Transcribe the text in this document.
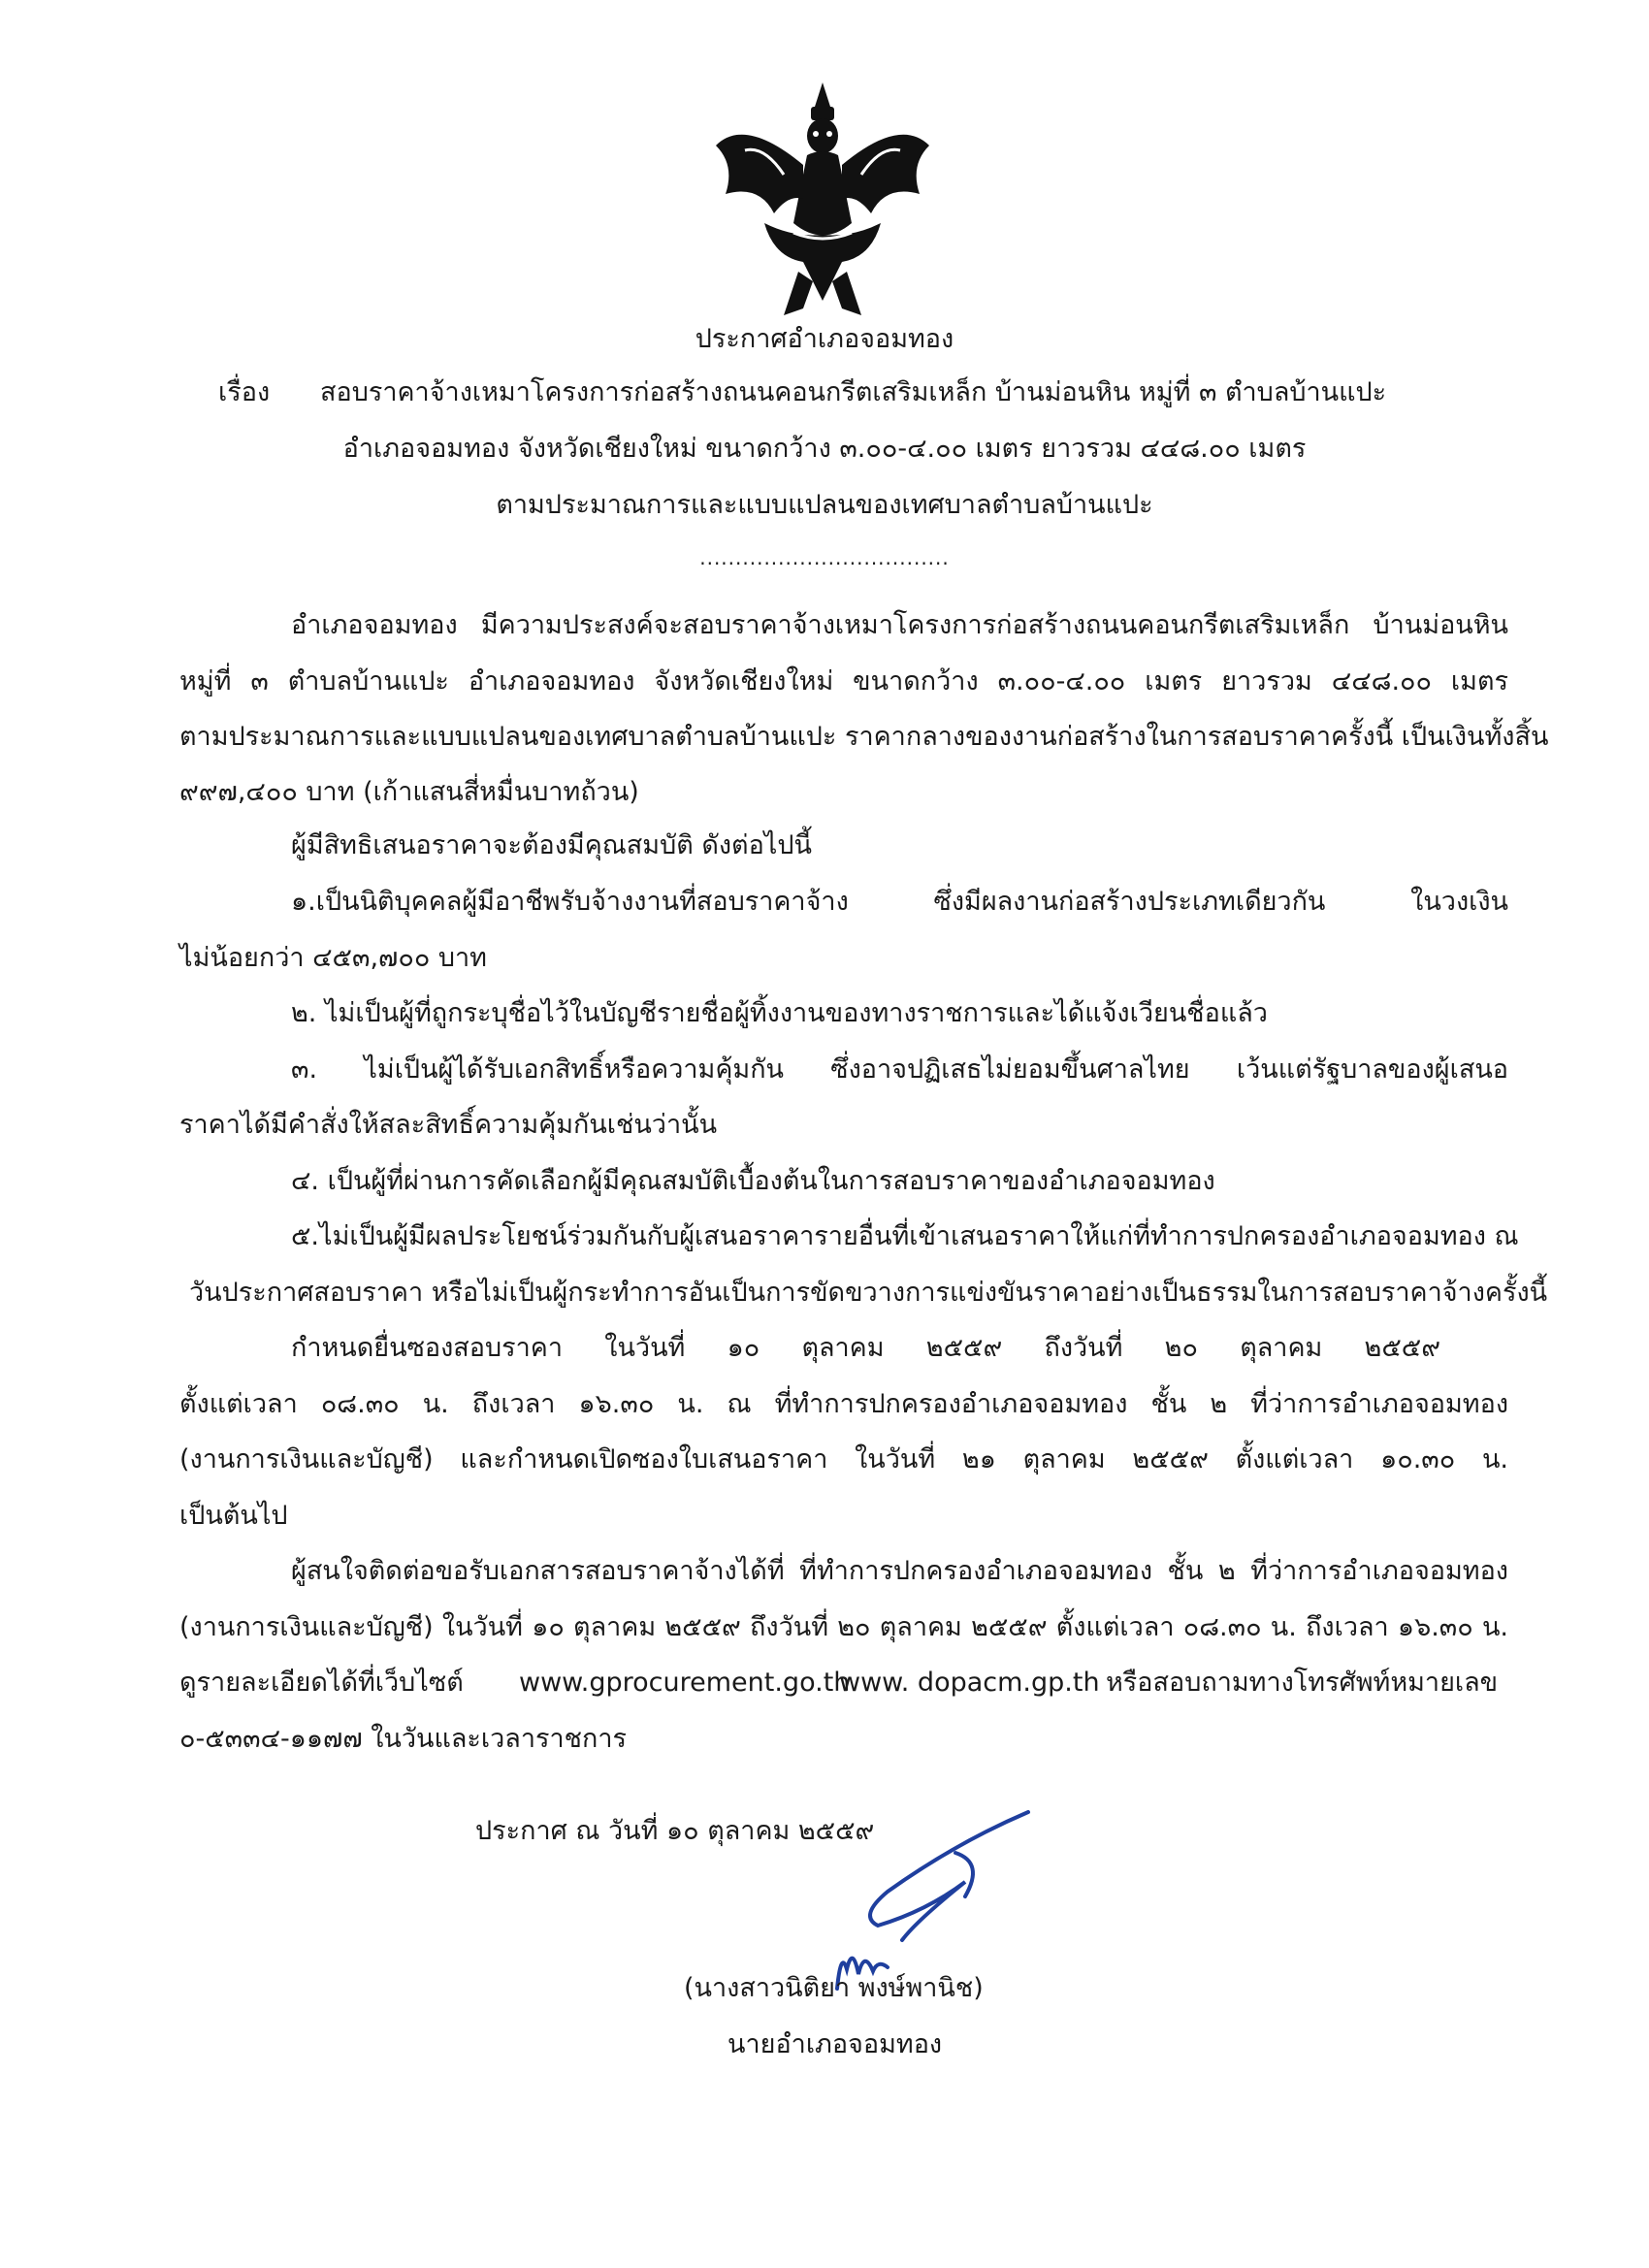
ประกาศอำเภอจอมทอง
เรื่อง สอบราคาจ้างเหมาโครงการก่อสร้างถนนคอนกรีตเสริมเหล็ก บ้านม่อนหิน หมู่ที่ ๓ ตำบลบ้านแปะ
อำเภอจอมทอง จังหวัดเชียงใหม่ ขนาดกว้าง ๓.๐๐-๔.๐๐ เมตร ยาวรวม ๔๔๘.๐๐ เมตร
ตามประมาณการและแบบแปลนของเทศบาลตำบลบ้านแปะ
...................................
อำเภอจอมทอง มีความประสงค์จะสอบราคาจ้างเหมาโครงการก่อสร้างถนนคอนกรีตเสริมเหล็ก บ้านม่อนหิน
หมู่ที่ ๓ ตำบลบ้านแปะ อำเภอจอมทอง จังหวัดเชียงใหม่ ขนาดกว้าง ๓.๐๐-๔.๐๐ เมตร ยาวรวม ๔๔๘.๐๐ เมตร
ตามประมาณการและแบบแปลนของเทศบาลตำบลบ้านแปะ ราคากลางของงานก่อสร้างในการสอบราคาครั้งนี้ เป็นเงินทั้งสิ้น
๙๙๗,๔๐๐ บาท (เก้าแสนสี่หมื่นบาทถ้วน)
ผู้มีสิทธิเสนอราคาจะต้องมีคุณสมบัติ ดังต่อไปนี้
๑.เป็นนิติบุคคลผู้มีอาชีพรับจ้างงานที่สอบราคาจ้าง ซึ่งมีผลงานก่อสร้างประเภทเดียวกัน ในวงเงิน
ไม่น้อยกว่า ๔๕๓,๗๐๐ บาท
๒. ไม่เป็นผู้ที่ถูกระบุชื่อไว้ในบัญชีรายชื่อผู้ทิ้งงานของทางราชการและได้แจ้งเวียนชื่อแล้ว
๓. ไม่เป็นผู้ได้รับเอกสิทธิ์หรือความคุ้มกัน ซึ่งอาจปฏิเสธไม่ยอมขึ้นศาลไทย เว้นแต่รัฐบาลของผู้เสนอ
ราคาได้มีคำสั่งให้สละสิทธิ์ความคุ้มกันเช่นว่านั้น
๔. เป็นผู้ที่ผ่านการคัดเลือกผู้มีคุณสมบัติเบื้องต้นในการสอบราคาของอำเภอจอมทอง
๕.ไม่เป็นผู้มีผลประโยชน์ร่วมกันกับผู้เสนอราคารายอื่นที่เข้าเสนอราคาให้แก่ที่ทำการปกครองอำเภอจอมทอง ณ
วันประกาศสอบราคา หรือไม่เป็นผู้กระทำการอันเป็นการขัดขวางการแข่งขันราคาอย่างเป็นธรรมในการสอบราคาจ้างครั้งนี้
กำหนดยื่นซองสอบราคา ในวันที่ ๑๐ ตุลาคม ๒๕๕๙ ถึงวันที่ ๒๐ ตุลาคม ๒๕๕๙
ตั้งแต่เวลา ๐๘.๓๐ น. ถึงเวลา ๑๖.๓๐ น. ณ ที่ทำการปกครองอำเภอจอมทอง ชั้น ๒ ที่ว่าการอำเภอจอมทอง
(งานการเงินและบัญชี) และกำหนดเปิดซองใบเสนอราคา ในวันที่ ๒๑ ตุลาคม ๒๕๕๙ ตั้งแต่เวลา ๑๐.๓๐ น.
เป็นต้นไป
ผู้สนใจติดต่อขอรับเอกสารสอบราคาจ้างได้ที่ ที่ทำการปกครองอำเภอจอมทอง ชั้น ๒ ที่ว่าการอำเภอจอมทอง
(งานการเงินและบัญชี) ในวันที่ ๑๐ ตุลาคม ๒๕๕๙ ถึงวันที่ ๒๐ ตุลาคม ๒๕๕๙ ตั้งแต่เวลา ๐๘.๓๐ น. ถึงเวลา ๑๖.๓๐ น.
ดูรายละเอียดได้ที่เว็บไซต์ www.gprocurement.go.th
www. dopacm.gp.th หรือสอบถามทางโทรศัพท์หมายเลข
๐-๕๓๓๔-๑๑๗๗ ในวันและเวลาราชการ
ประกาศ ณ วันที่ ๑๐ ตุลาคม ๒๕๕๙
(นางสาวนิติยา พงษ์พานิช)
นายอำเภอจอมทอง
